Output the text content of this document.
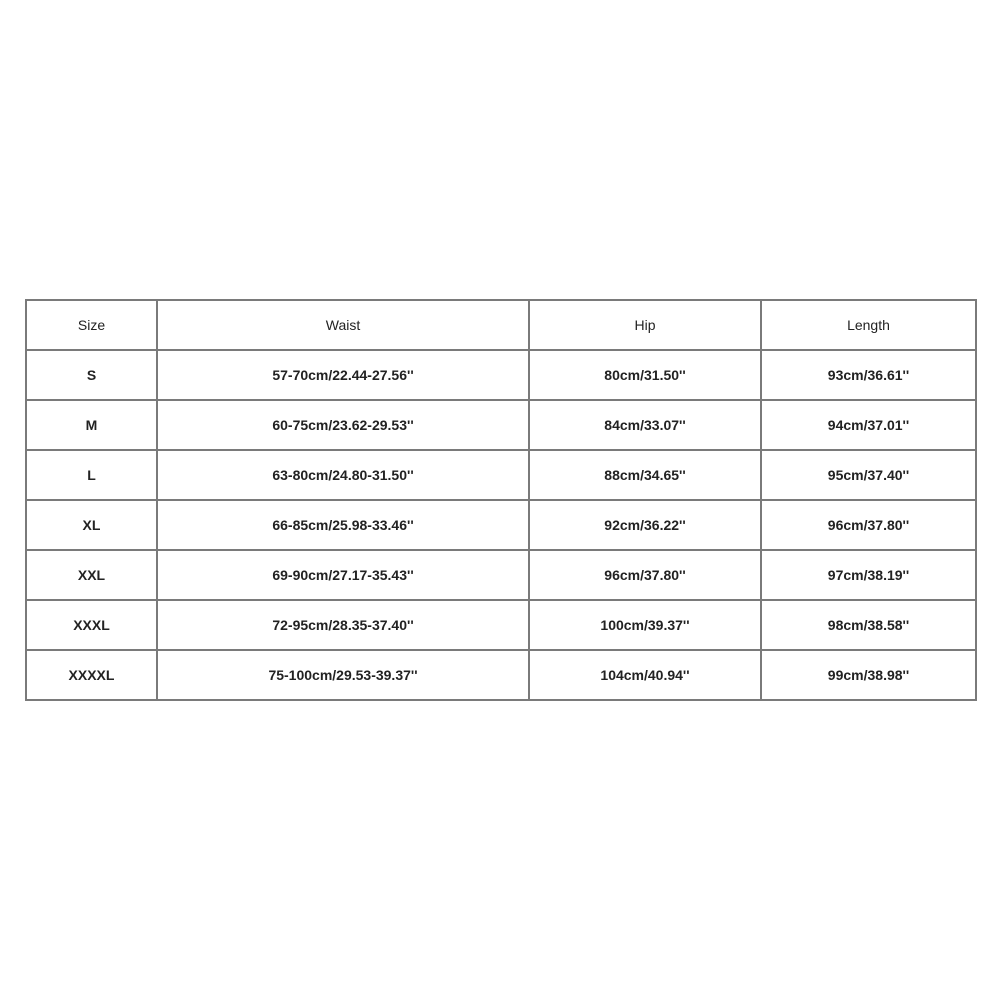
Size	Waist	Hip	Length
S	57-70cm/22.44-27.56''	80cm/31.50''	93cm/36.61''
M	60-75cm/23.62-29.53''	84cm/33.07''	94cm/37.01''
L	63-80cm/24.80-31.50''	88cm/34.65''	95cm/37.40''
XL	66-85cm/25.98-33.46''	92cm/36.22''	96cm/37.80''
XXL	69-90cm/27.17-35.43''	96cm/37.80''	97cm/38.19''
XXXL	72-95cm/28.35-37.40''	100cm/39.37''	98cm/38.58''
XXXXL	75-100cm/29.53-39.37''	104cm/40.94''	99cm/38.98''
